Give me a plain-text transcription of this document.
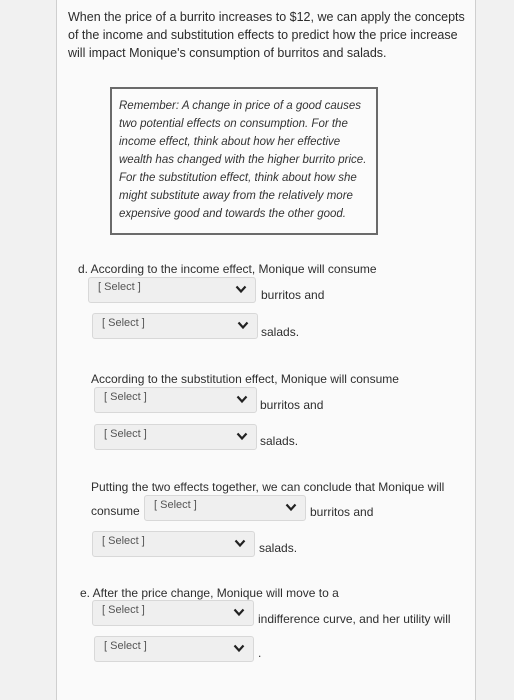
When the price of a burrito increases to $12, we can apply the concepts of the income and substitution effects to predict how the price increase will impact Monique's consumption of burritos and salads.
Remember: A change in price of a good causes two potential effects on consumption. For the income effect, think about how her effective wealth has changed with the higher burrito price. For the substitution effect, think about how she might substitute away from the relatively more expensive good and towards the other good.
d. According to the income effect, Monique will consume
[ Select ]
burritos and
[ Select ]
salads.
According to the substitution effect, Monique will consume
[ Select ]
burritos and
[ Select ]	salads.
Putting the two effects together, we can conclude that Monique will
consume [ Select ]	burritos and
[ Select ]	salads.
e. After the price change, Monique will move to a
[ Select ]
indifference curve, and her utility will
[ Select ]	.
